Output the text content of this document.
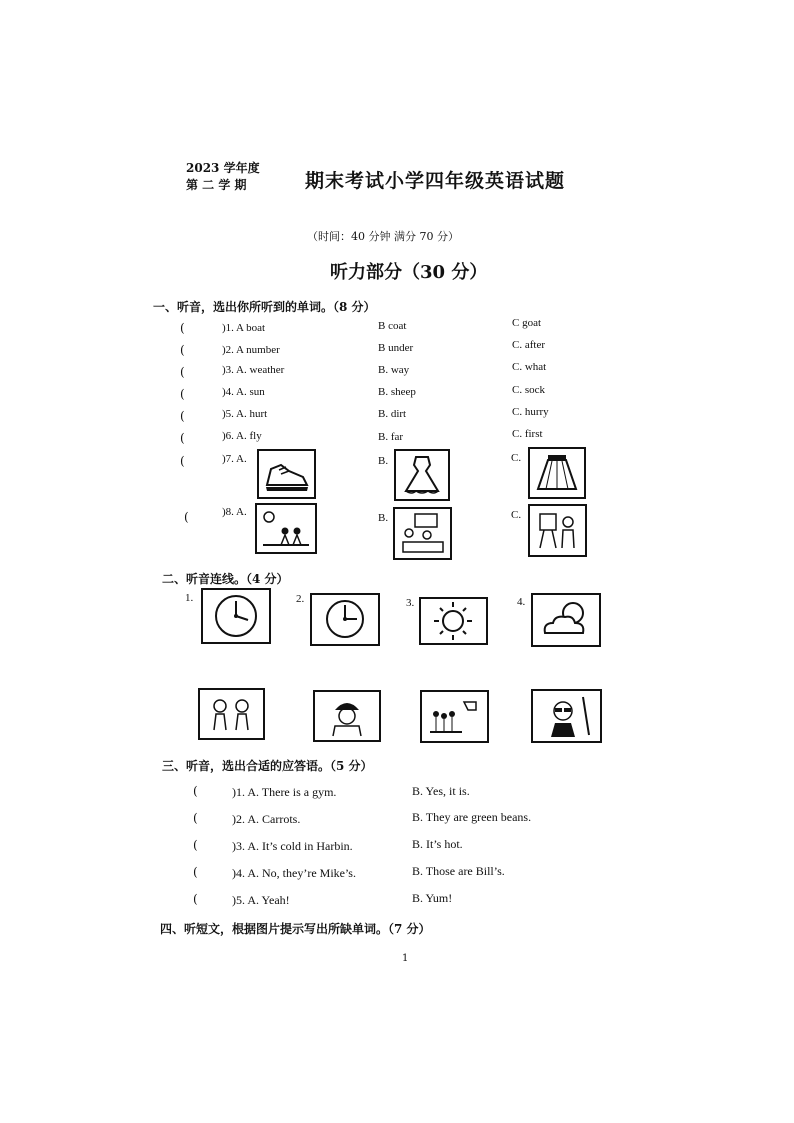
2023 学年度
第 二 学 期	期末考试小学四年级英语试题
（时间：40 分钟 满分 70 分）
听力部分（30 分）
一、听音，选出你所听到的单词。（8 分）
(	)1. A boat	B coat	C goat
(	)2. A number	B under	C. after
(	)3. A. weather	B. way	C. what
(	)4. A. sun	B. sheep	C. sock
(	)5. A. hurt	B. dirt	C. hurry
(	)6. A. fly	B. far	C. first
(	)7. A.	B.	C.
(	)8. A.	B.	C.
二、听音连线。（4 分）
1.	2.	3.	4.
三、听音，选出合适的应答语。（5 分）
(	)1. A. There is a gym.	B. Yes, it is.
(	)2. A. Carrots.	B. They are green beans.
(	)3. A. It’s cold in Harbin.	B. It’s hot.
(	)4. A. No, they’re Mike’s.	B. Those are Bill’s.
(	)5. A. Yeah!	B. Yum!
四、听短文，根据图片提示写出所缺单词。（7 分）
1
